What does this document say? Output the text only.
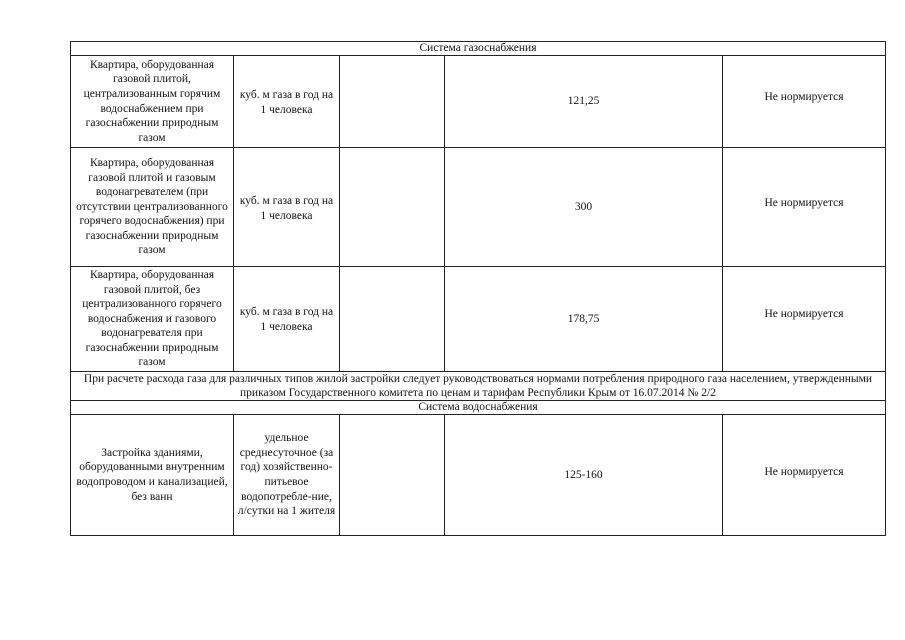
Система газоснабжения				
Квартира, оборудованная газовой плитой, централизованным горячим водоснабжением при газоснабжении природным газом	куб. м газа в год на 1 человека		121,25	Не нормируется
Квартира, оборудованная газовой плитой и газовым водонагревателем (при отсутствии централизованного горячего водоснабжения) при газоснабжении природным газом	куб. м газа в год на 1 человека		300	Не нормируется
Квартира, оборудованная газовой плитой, без централизованного горячего водоснабжения и газового водонагревателя при газоснабжении природным газом	куб. м газа в год на 1 человека		178,75	Не нормируется
При расчете расхода газа для различных типов жилой застройки следует руководствоваться нормами потребления природного газа населением, утвержденными приказом Государственного комитета по ценам и тарифам Республики Крым от 16.07.2014 № 2/2				
Система водоснабжения				
Застройка зданиями, оборудованными внутренним водопроводом и канализацией, без ванн	удельное среднесуточное (за год) хозяйственно-питьевое водопотребле-ние, л/сутки на 1 жителя		125-160	Не нормируется
